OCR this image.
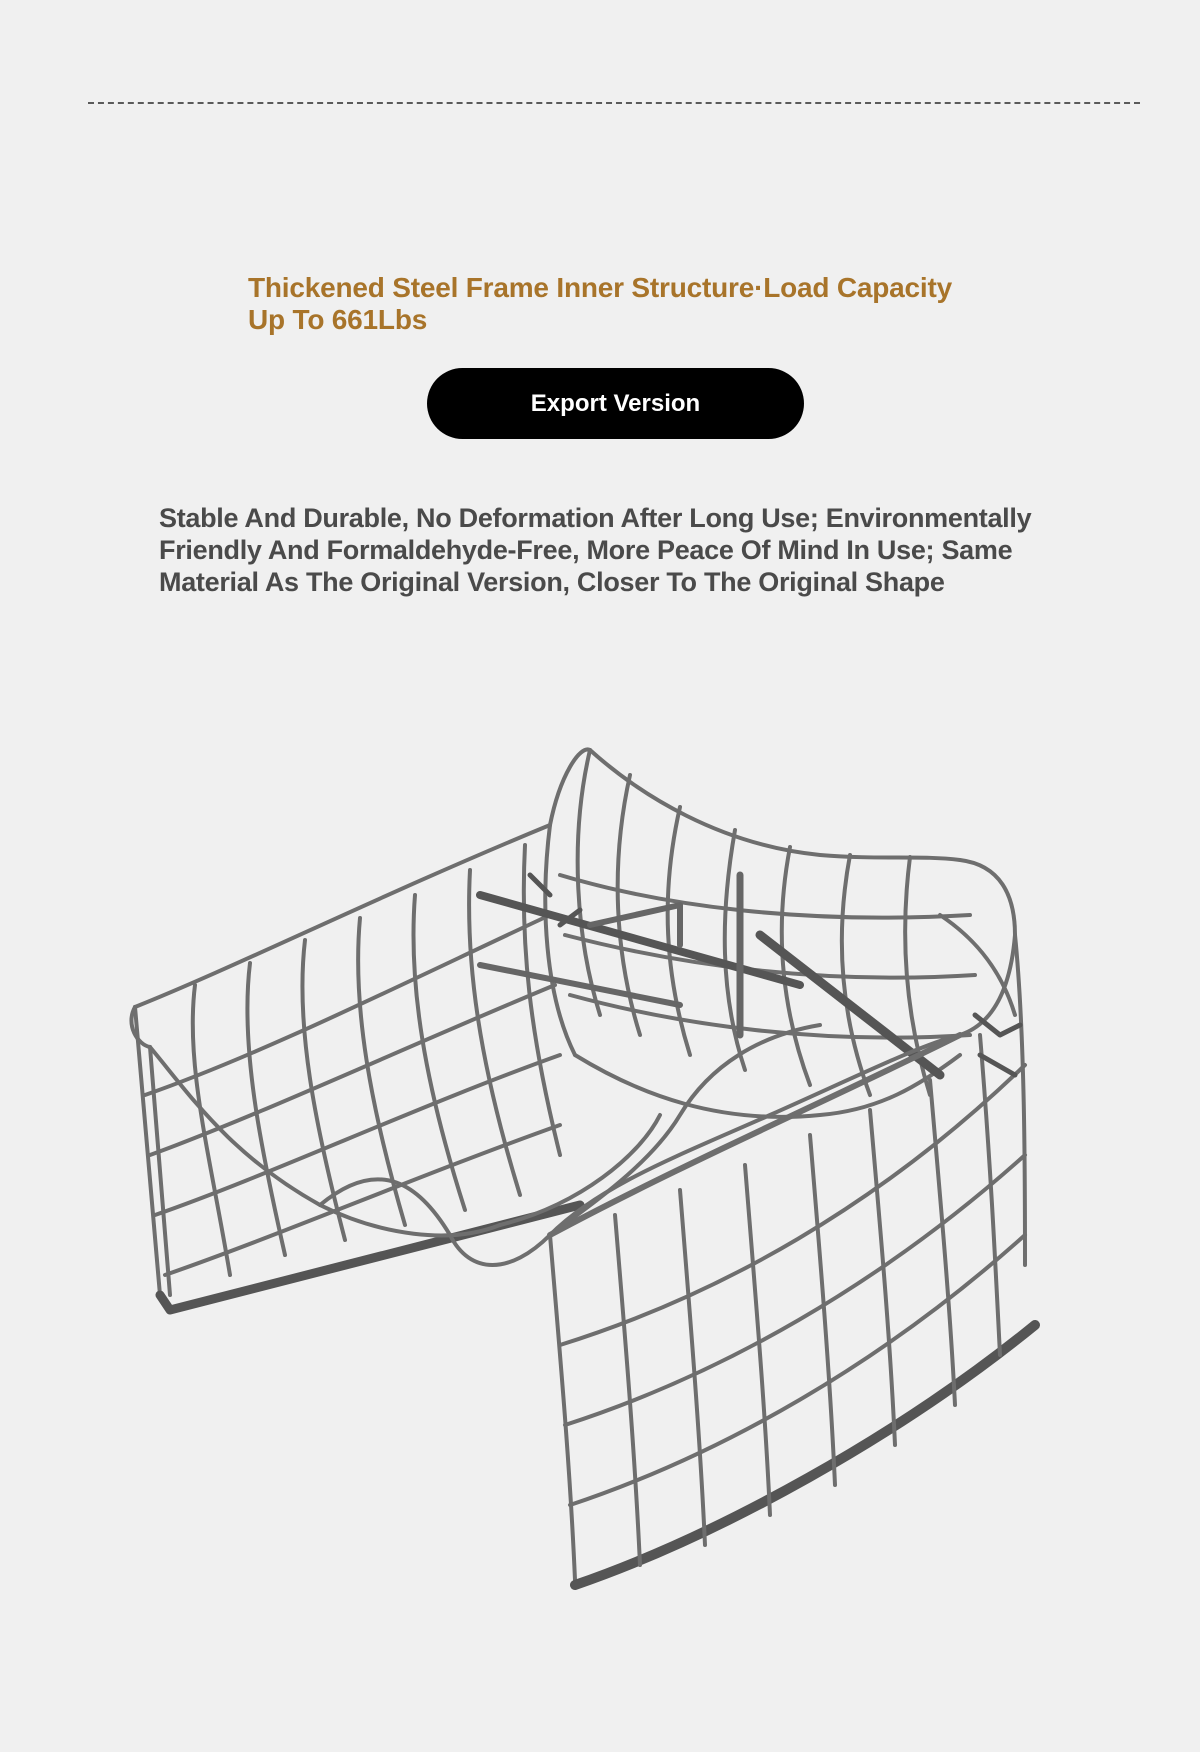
Thickened Steel Frame Inner Structure·Load Capacity Up To 661Lbs
Export Version

Stable And Durable, No Deformation After Long Use; Environmentally Friendly And Formaldehyde-Free, More Peace Of Mind In Use; Same Material As The Original Version, Closer To The Original Shape
